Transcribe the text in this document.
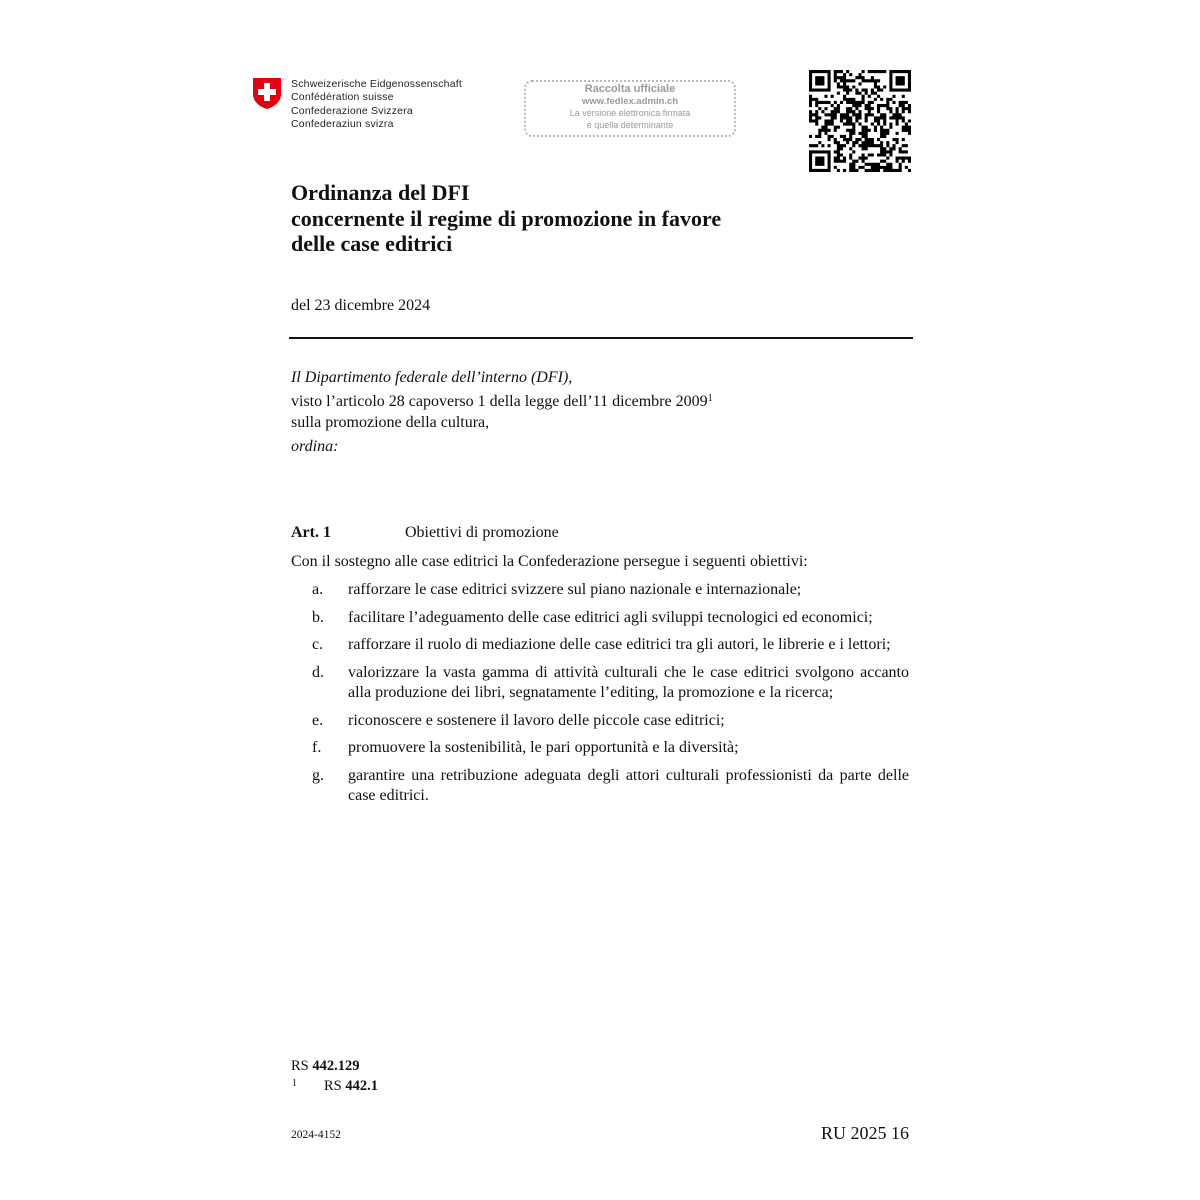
Schweizerische Eidgenossenschaft
Confédération suisse
Confederazione Svizzera
Confederaziun svizra
Raccolta ufficiale
www.fedlex.admin.ch
La versione elettronica firmata
è quella determinante
Ordinanza del DFI
concernente il regime di promozione in favore
delle case editrici
del 23 dicembre 2024
Il Dipartimento federale dell’interno (DFI),
visto l’articolo 28 capoverso 1 della legge dell’11 dicembre 2009$^1$
sulla promozione della cultura,
ordina:
Art. 1	Obiettivi di promozione
Con il sostegno alle case editrici la Confederazione persegue i seguenti obiettivi:
a.	rafforzare le case editrici svizzere sul piano nazionale e internazionale;
b.	facilitare l’adeguamento delle case editrici agli sviluppi tecnologici ed economici;
c.	rafforzare il ruolo di mediazione delle case editrici tra gli autori, le librerie e i lettori;
d.	valorizzare la vasta gamma di attività culturali che le case editrici svolgono accanto alla produzione dei libri, segnatamente l’editing, la promozione e la ricerca;
e.	riconoscere e sostenere il lavoro delle piccole case editrici;
f.	promuovere la sostenibilità, le pari opportunità e la diversità;
g.	garantire una retribuzione adeguata degli attori culturali professionisti da parte delle case editrici.
RS 442.129
1 RS 442.1
2024-4152	RU 2025 16
